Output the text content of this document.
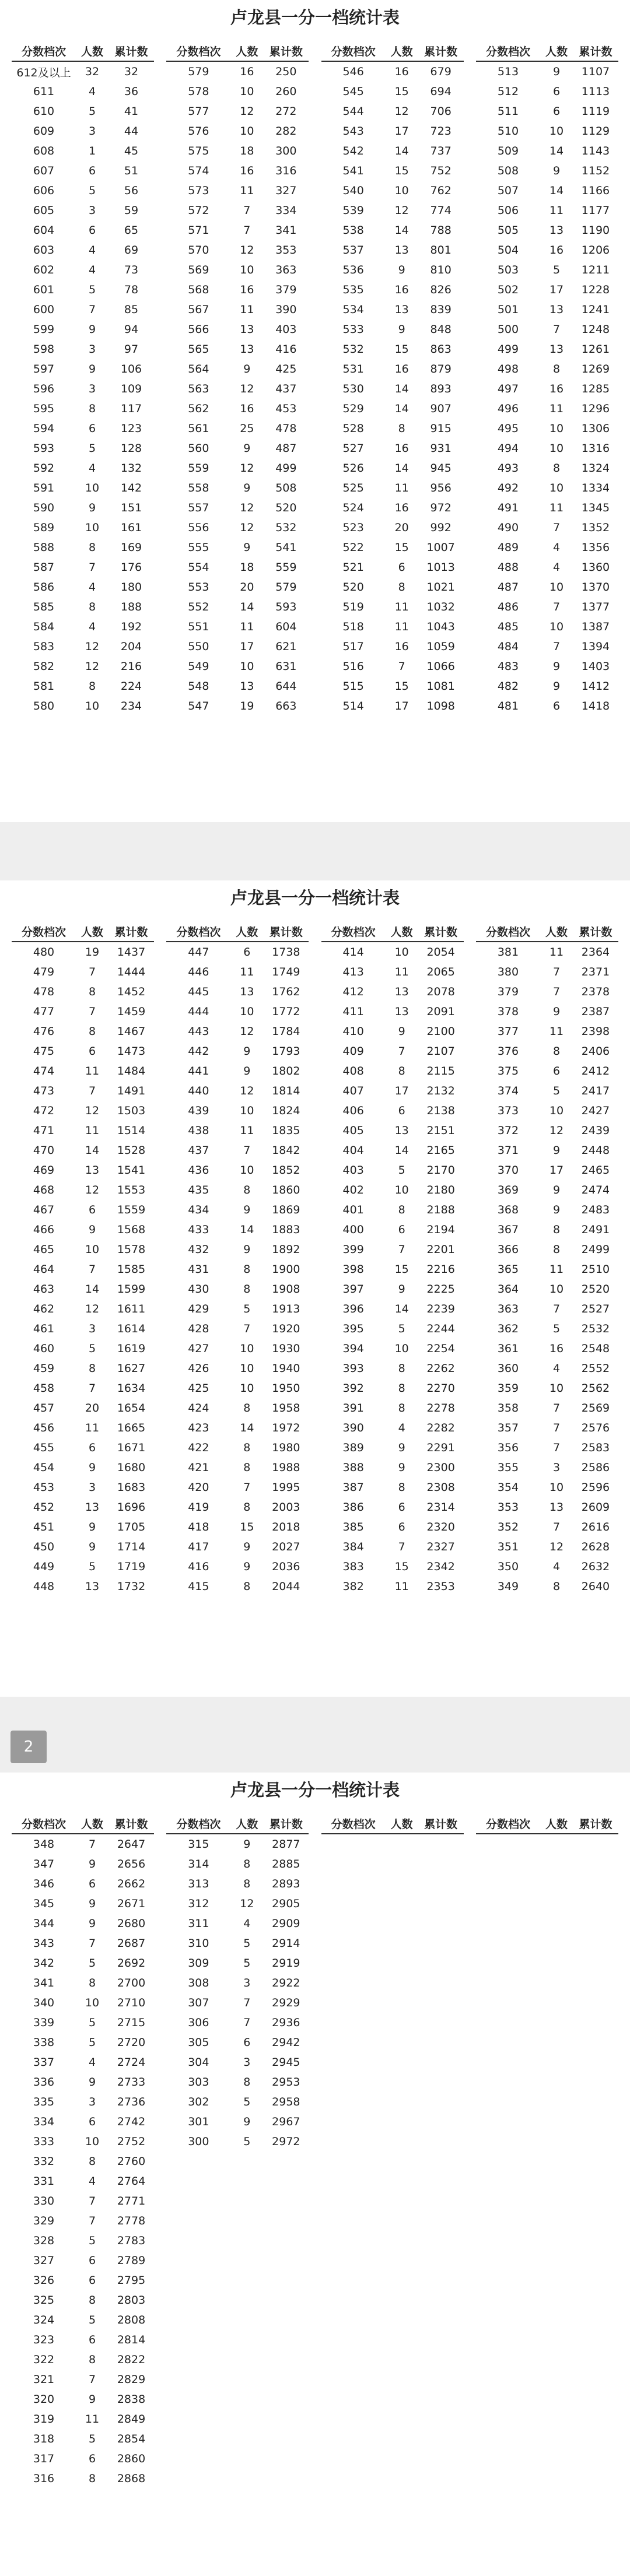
卢龙县一分一档统计表
分数档次	人数	累计数
612及以上	32	32
611	4	36
610	5	41
609	3	44
608	1	45
607	6	51
606	5	56
605	3	59
604	6	65
603	4	69
602	4	73
601	5	78
600	7	85
599	9	94
598	3	97
597	9	106
596	3	109
595	8	117
594	6	123
593	5	128
592	4	132
591	10	142
590	9	151
589	10	161
588	8	169
587	7	176
586	4	180
585	8	188
584	4	192
583	12	204
582	12	216
581	8	224
580	10	234
分数档次	人数	累计数
579	16	250
578	10	260
577	12	272
576	10	282
575	18	300
574	16	316
573	11	327
572	7	334
571	7	341
570	12	353
569	10	363
568	16	379
567	11	390
566	13	403
565	13	416
564	9	425
563	12	437
562	16	453
561	25	478
560	9	487
559	12	499
558	9	508
557	12	520
556	12	532
555	9	541
554	18	559
553	20	579
552	14	593
551	11	604
550	17	621
549	10	631
548	13	644
547	19	663
分数档次	人数	累计数
546	16	679
545	15	694
544	12	706
543	17	723
542	14	737
541	15	752
540	10	762
539	12	774
538	14	788
537	13	801
536	9	810
535	16	826
534	13	839
533	9	848
532	15	863
531	16	879
530	14	893
529	14	907
528	8	915
527	16	931
526	14	945
525	11	956
524	16	972
523	20	992
522	15	1007
521	6	1013
520	8	1021
519	11	1032
518	11	1043
517	16	1059
516	7	1066
515	15	1081
514	17	1098
分数档次	人数	累计数
513	9	1107
512	6	1113
511	6	1119
510	10	1129
509	14	1143
508	9	1152
507	14	1166
506	11	1177
505	13	1190
504	16	1206
503	5	1211
502	17	1228
501	13	1241
500	7	1248
499	13	1261
498	8	1269
497	16	1285
496	11	1296
495	10	1306
494	10	1316
493	8	1324
492	10	1334
491	11	1345
490	7	1352
489	4	1356
488	4	1360
487	10	1370
486	7	1377
485	10	1387
484	7	1394
483	9	1403
482	9	1412
481	6	1418
卢龙县一分一档统计表
分数档次	人数	累计数
480	19	1437
479	7	1444
478	8	1452
477	7	1459
476	8	1467
475	6	1473
474	11	1484
473	7	1491
472	12	1503
471	11	1514
470	14	1528
469	13	1541
468	12	1553
467	6	1559
466	9	1568
465	10	1578
464	7	1585
463	14	1599
462	12	1611
461	3	1614
460	5	1619
459	8	1627
458	7	1634
457	20	1654
456	11	1665
455	6	1671
454	9	1680
453	3	1683
452	13	1696
451	9	1705
450	9	1714
449	5	1719
448	13	1732
分数档次	人数	累计数
447	6	1738
446	11	1749
445	13	1762
444	10	1772
443	12	1784
442	9	1793
441	9	1802
440	12	1814
439	10	1824
438	11	1835
437	7	1842
436	10	1852
435	8	1860
434	9	1869
433	14	1883
432	9	1892
431	8	1900
430	8	1908
429	5	1913
428	7	1920
427	10	1930
426	10	1940
425	10	1950
424	8	1958
423	14	1972
422	8	1980
421	8	1988
420	7	1995
419	8	2003
418	15	2018
417	9	2027
416	9	2036
415	8	2044
分数档次	人数	累计数
414	10	2054
413	11	2065
412	13	2078
411	13	2091
410	9	2100
409	7	2107
408	8	2115
407	17	2132
406	6	2138
405	13	2151
404	14	2165
403	5	2170
402	10	2180
401	8	2188
400	6	2194
399	7	2201
398	15	2216
397	9	2225
396	14	2239
395	5	2244
394	10	2254
393	8	2262
392	8	2270
391	8	2278
390	4	2282
389	9	2291
388	9	2300
387	8	2308
386	6	2314
385	6	2320
384	7	2327
383	15	2342
382	11	2353
分数档次	人数	累计数
381	11	2364
380	7	2371
379	7	2378
378	9	2387
377	11	2398
376	8	2406
375	6	2412
374	5	2417
373	10	2427
372	12	2439
371	9	2448
370	17	2465
369	9	2474
368	9	2483
367	8	2491
366	8	2499
365	11	2510
364	10	2520
363	7	2527
362	5	2532
361	16	2548
360	4	2552
359	10	2562
358	7	2569
357	7	2576
356	7	2583
355	3	2586
354	10	2596
353	13	2609
352	7	2616
351	12	2628
350	4	2632
349	8	2640
2
卢龙县一分一档统计表
分数档次	人数	累计数
348	7	2647
347	9	2656
346	6	2662
345	9	2671
344	9	2680
343	7	2687
342	5	2692
341	8	2700
340	10	2710
339	5	2715
338	5	2720
337	4	2724
336	9	2733
335	3	2736
334	6	2742
333	10	2752
332	8	2760
331	4	2764
330	7	2771
329	7	2778
328	5	2783
327	6	2789
326	6	2795
325	8	2803
324	5	2808
323	6	2814
322	8	2822
321	7	2829
320	9	2838
319	11	2849
318	5	2854
317	6	2860
316	8	2868
分数档次	人数	累计数
315	9	2877
314	8	2885
313	8	2893
312	12	2905
311	4	2909
310	5	2914
309	5	2919
308	3	2922
307	7	2929
306	7	2936
305	6	2942
304	3	2945
303	8	2953
302	5	2958
301	9	2967
300	5	2972
分数档次	人数	累计数	分数档次	人数	累计数
